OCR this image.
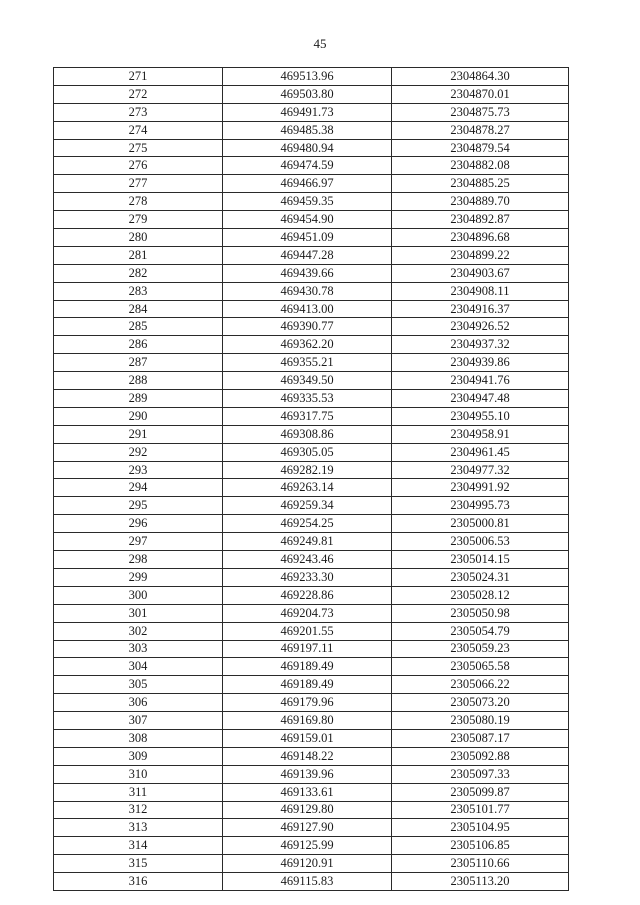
45
271	469513.96	2304864.30
272	469503.80	2304870.01
273	469491.73	2304875.73
274	469485.38	2304878.27
275	469480.94	2304879.54
276	469474.59	2304882.08
277	469466.97	2304885.25
278	469459.35	2304889.70
279	469454.90	2304892.87
280	469451.09	2304896.68
281	469447.28	2304899.22
282	469439.66	2304903.67
283	469430.78	2304908.11
284	469413.00	2304916.37
285	469390.77	2304926.52
286	469362.20	2304937.32
287	469355.21	2304939.86
288	469349.50	2304941.76
289	469335.53	2304947.48
290	469317.75	2304955.10
291	469308.86	2304958.91
292	469305.05	2304961.45
293	469282.19	2304977.32
294	469263.14	2304991.92
295	469259.34	2304995.73
296	469254.25	2305000.81
297	469249.81	2305006.53
298	469243.46	2305014.15
299	469233.30	2305024.31
300	469228.86	2305028.12
301	469204.73	2305050.98
302	469201.55	2305054.79
303	469197.11	2305059.23
304	469189.49	2305065.58
305	469189.49	2305066.22
306	469179.96	2305073.20
307	469169.80	2305080.19
308	469159.01	2305087.17
309	469148.22	2305092.88
310	469139.96	2305097.33
311	469133.61	2305099.87
312	469129.80	2305101.77
313	469127.90	2305104.95
314	469125.99	2305106.85
315	469120.91	2305110.66
316	469115.83	2305113.20
